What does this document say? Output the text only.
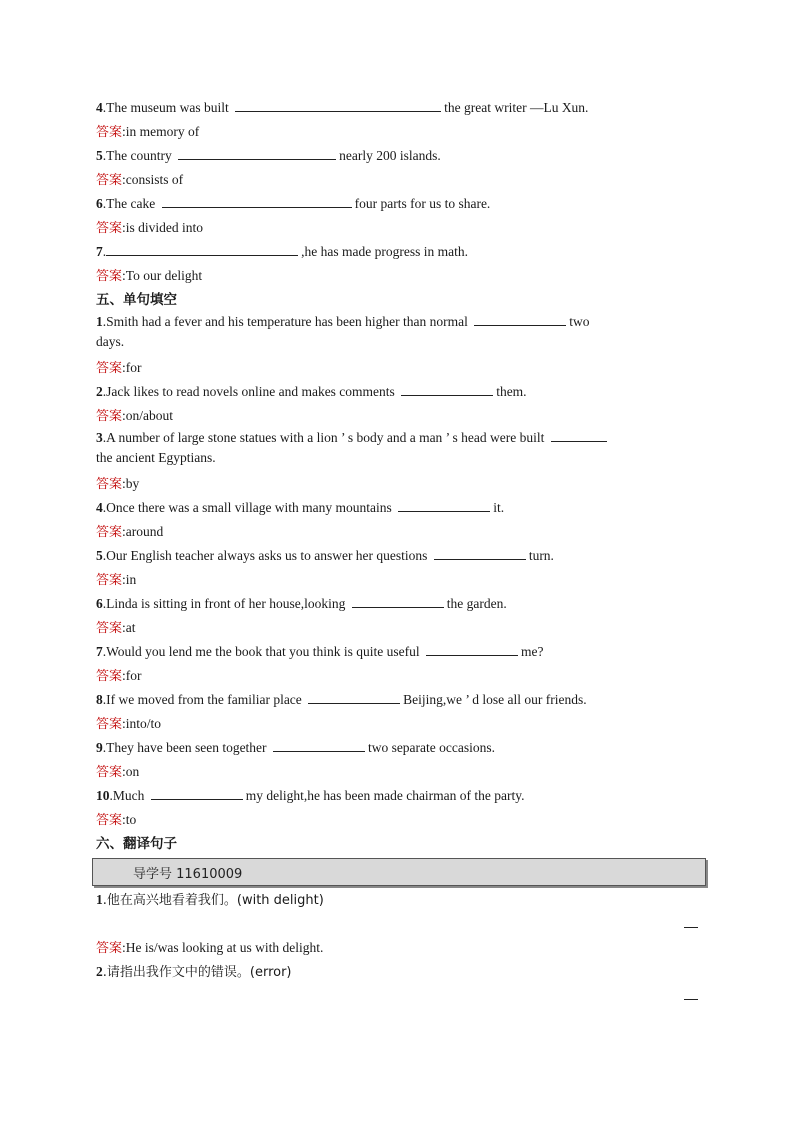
4.The museum was built	the great writer —Lu Xun.
答案:in memory of
5.The country	nearly 200 islands.
答案:consists of
6.The cake	four parts for us to share.
答案:is divided into
7.	,he has made progress in math.
答案:To our delight
五、单句填空
1.Smith had a fever and his temperature has been higher than normal	two
days.
答案:for
2.Jack likes to read novels online and makes comments	them.
答案:on/about
3.A number of large stone statues with a lion ’ s body and a man ’ s head were built
the ancient Egyptians.
答案:by
4.Once there was a small village with many mountains	it.
答案:around
5.Our English teacher always asks us to answer her questions	turn.
答案:in
6.Linda is sitting in front of her house,looking	the garden.
答案:at
7.Would you lend me the book that you think is quite useful	me?
答案:for
8.If we moved from the familiar place	Beijing,we ’ d lose all our friends.
答案:into/to
9.They have been seen together	two separate occasions.
答案:on
10.Much	my delight,he has been made chairman of the party.
答案:to
六、翻译句子
导学号 11610009
1.他在高兴地看着我们。(with delight)
答案:He is/was looking at us with delight.
2.请指出我作文中的错误。(error)
